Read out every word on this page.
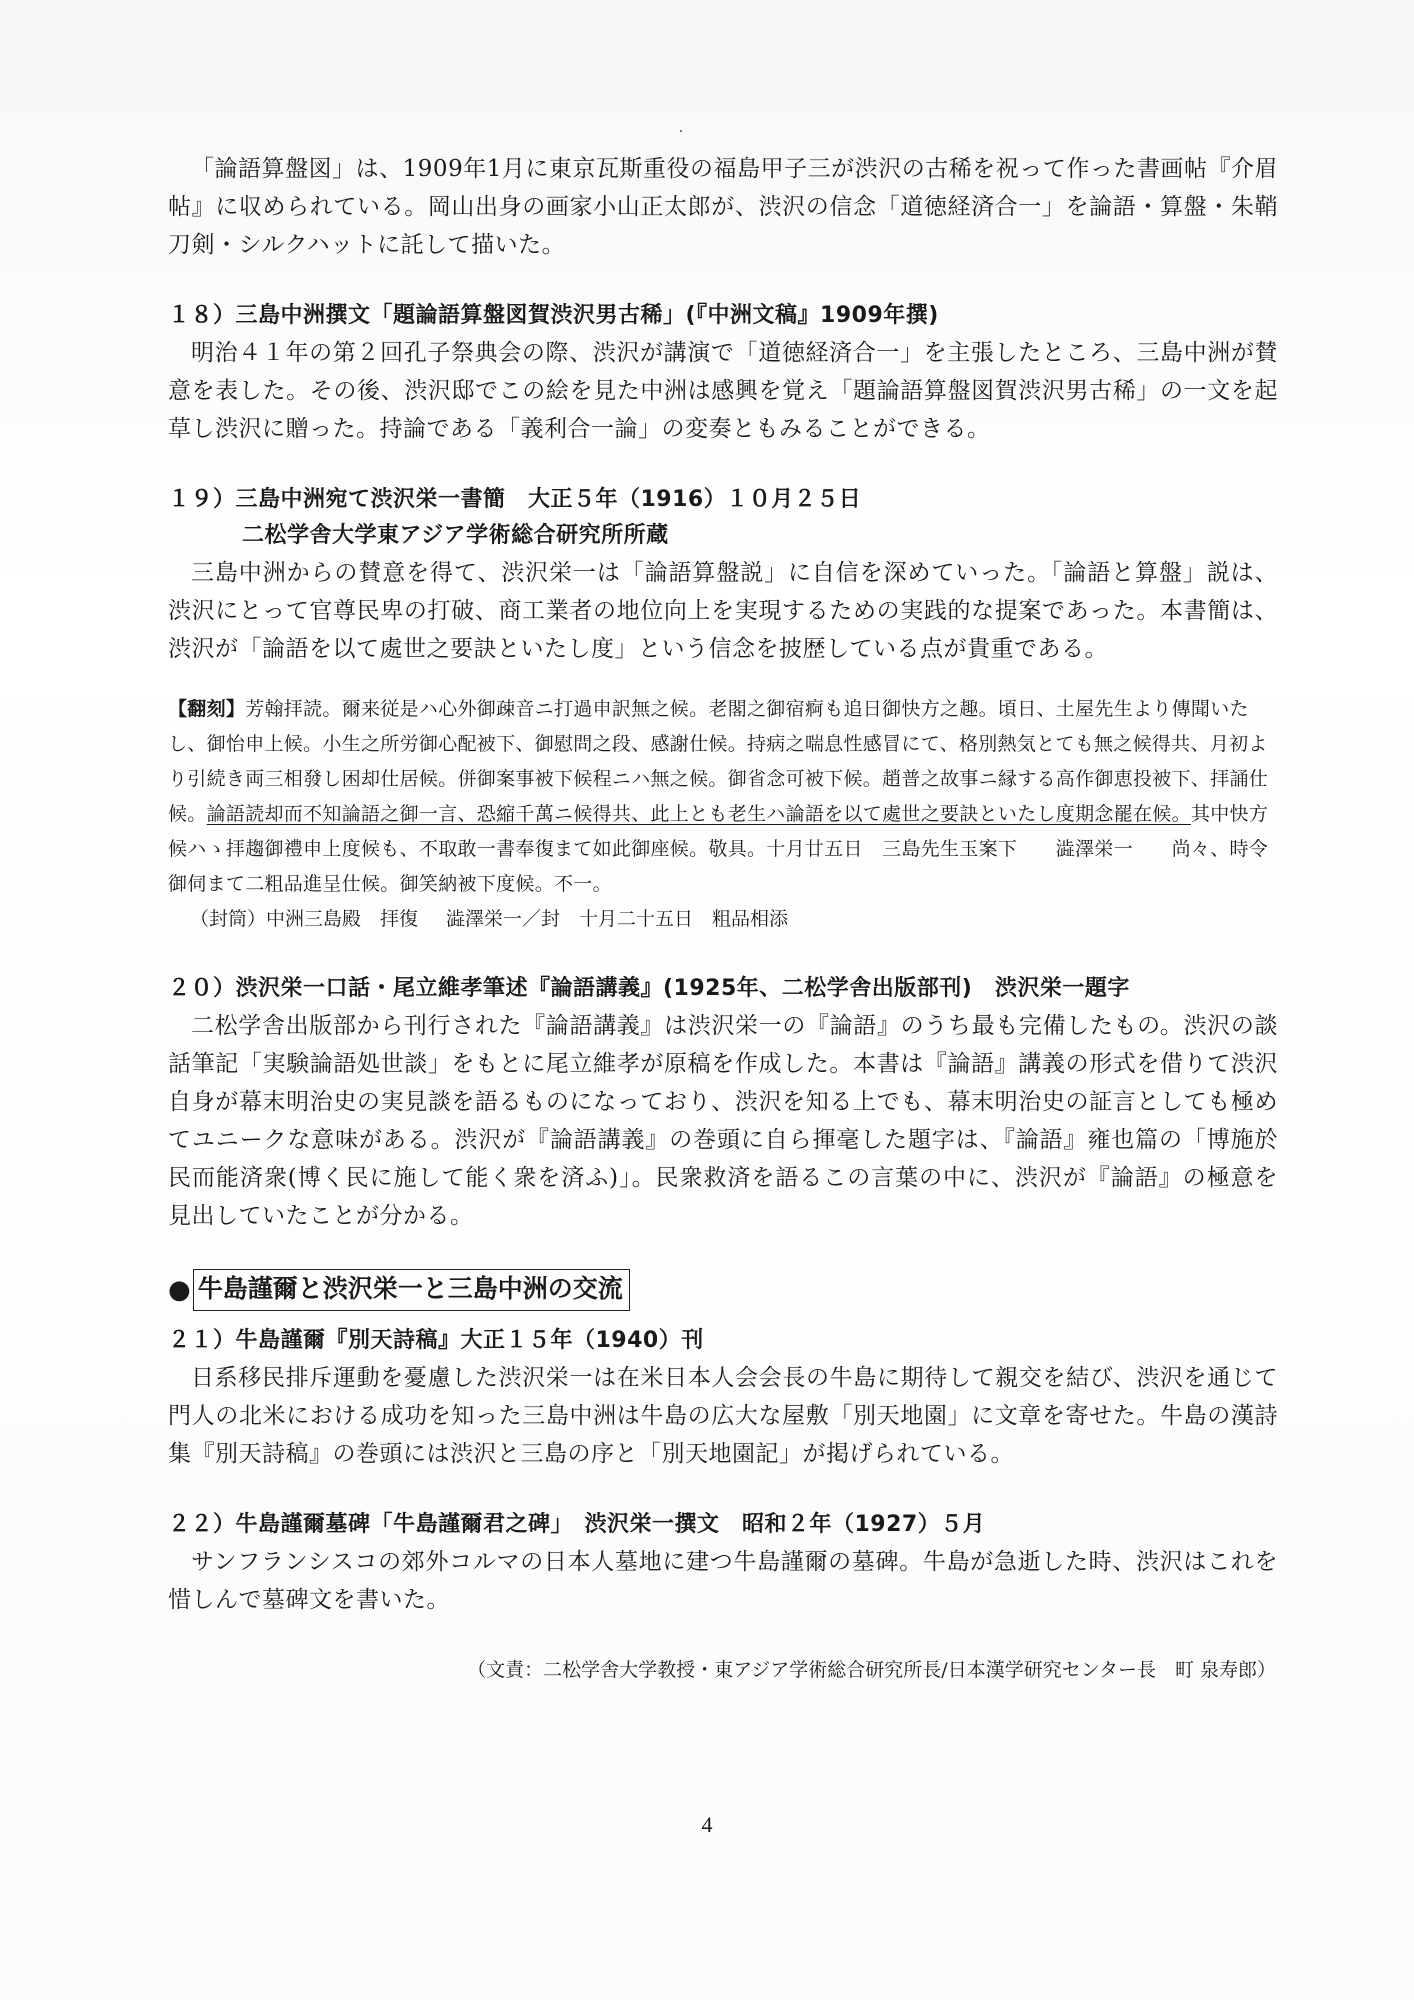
「論語算盤図」は、1909年1月に東京瓦斯重役の福島甲子三が渋沢の古稀を祝って作った書画帖『介眉帖』に収められている。岡山出身の画家小山正太郎が、渋沢の信念「道徳経済合一」を論語・算盤・朱鞘刀剣・シルクハットに託して描いた。

１８）三島中洲撰文「題論語算盤図賀渋沢男古稀」(『中洲文稿』1909年撰)

明治４１年の第２回孔子祭典会の際、渋沢が講演で「道徳経済合一」を主張したところ、三島中洲が賛意を表した。その後、渋沢邸でこの絵を見た中洲は感興を覚え「題論語算盤図賀渋沢男古稀」の一文を起草し渋沢に贈った。持論である「義利合一論」の変奏ともみることができる。

１９）三島中洲宛て渋沢栄一書簡　大正５年（1916）１０月２５日

二松学舎大学東アジア学術総合研究所所蔵

三島中洲からの賛意を得て、渋沢栄一は「論語算盤説」に自信を深めていった。「論語と算盤」説は、渋沢にとって官尊民卑の打破、商工業者の地位向上を実現するための実践的な提案であった。本書簡は、渋沢が「論語を以て處世之要訣といたし度」という信念を披歴している点が貴重である。

【翻刻】芳翰拝読。爾来従是ハ心外御疎音ニ打過申訳無之候。老閣之御宿痾も追日御快方之趣。頃日、土屋先生より傳聞いたし、御怡申上候。小生之所労御心配被下、御慰問之段、感謝仕候。持病之喘息性感冒にて、格別熱気とても無之候得共、月初より引続き両三相發し困却仕居候。併御案事被下候程ニハ無之候。御省念可被下候。趙普之故事ニ縁する高作御恵投被下、拝誦仕候。論語読却而不知論語之御一言、恐縮千萬ニ候得共、此上とも老生ハ論語を以て處世之要訣といたし度期念罷在候。其中快方候ハゝ拝趨御禮申上度候も、不取敢一書奉復まて如此御座候。敬具。十月廿五日　三島先生玉案下　　澁澤栄一　　尚々、時令御伺まて二粗品進呈仕候。御笑納被下度候。不一。

（封筒）中洲三島殿　拝復 澁澤栄一／封　十月二十五日　粗品相添

２０）渋沢栄一口話・尾立維孝筆述『論語講義』(1925年、二松学舎出版部刊)　渋沢栄一題字

二松学舎出版部から刊行された『論語講義』は渋沢栄一の『論語』のうち最も完備したもの。渋沢の談話筆記「実験論語処世談」をもとに尾立維孝が原稿を作成した。本書は『論語』講義の形式を借りて渋沢自身が幕末明治史の実見談を語るものになっており、渋沢を知る上でも、幕末明治史の証言としても極めてユニークな意味がある。渋沢が『論語講義』の巻頭に自ら揮毫した題字は、『論語』雍也篇の「博施於民而能済衆(博く民に施して能く衆を済ふ)」。民衆救済を語るこの言葉の中に、渋沢が『論語』の極意を見出していたことが分かる。

● 牛島謹爾と渋沢栄一と三島中洲の交流

２１）牛島謹爾『別天詩稿』大正１５年（1940）刊

日系移民排斥運動を憂慮した渋沢栄一は在米日本人会会長の牛島に期待して親交を結び、渋沢を通じて門人の北米における成功を知った三島中洲は牛島の広大な屋敷「別天地園」に文章を寄せた。牛島の漢詩集『別天詩稿』の巻頭には渋沢と三島の序と「別天地園記」が掲げられている。

２２）牛島謹爾墓碑「牛島謹爾君之碑」　渋沢栄一撰文　昭和２年（1927）５月

サンフランシスコの郊外コルマの日本人墓地に建つ牛島謹爾の墓碑。牛島が急逝した時、渋沢はこれを惜しんで墓碑文を書いた。

（文責：二松学舎大学教授・東アジア学術総合研究所長/日本漢学研究センター長　町 泉寿郎）

4
